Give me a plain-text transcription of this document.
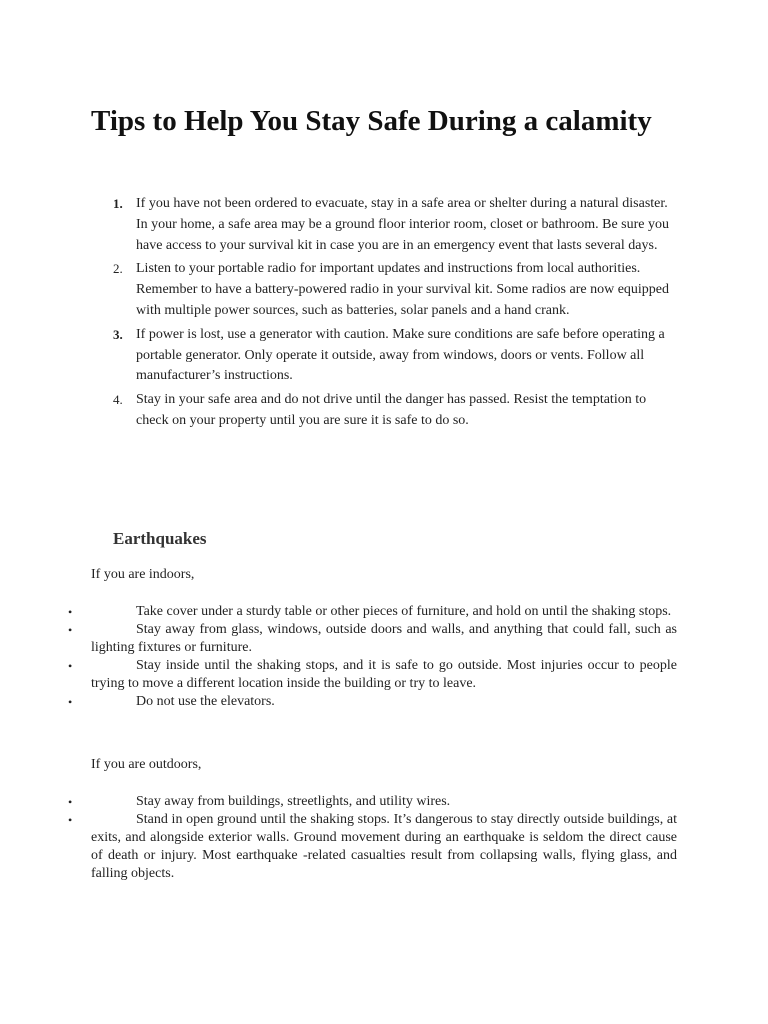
Tips to Help You Stay Safe During a calamity
1. If you have not been ordered to evacuate, stay in a safe area or shelter during a natural disaster. In your home, a safe area may be a ground floor interior room, closet or bathroom. Be sure you have access to your survival kit in case you are in an emergency event that lasts several days.
2. Listen to your portable radio for important updates and instructions from local authorities. Remember to have a battery-powered radio in your survival kit. Some radios are now equipped with multiple power sources, such as batteries, solar panels and a hand crank.
3. If power is lost, use a generator with caution. Make sure conditions are safe before operating a portable generator. Only operate it outside, away from windows, doors or vents. Follow all manufacturer’s instructions.
4. Stay in your safe area and do not drive until the danger has passed. Resist the temptation to check on your property until you are sure it is safe to do so.
Earthquakes

If you are indoors,

•	Take cover under a sturdy table or other pieces of furniture, and hold on until the shaking stops.
•	Stay away from glass, windows, outside doors and walls, and anything that could fall, such as lighting fixtures or furniture.
•	Stay inside until the shaking stops, and it is safe to go outside. Most injuries occur to people trying to move a different location inside the building or try to leave.
•	Do not use the elevators.

If you are outdoors,

•	Stay away from buildings, streetlights, and utility wires.
•	Stand in open ground until the shaking stops. It’s dangerous to stay directly outside buildings, at exits, and alongside exterior walls. Ground movement during an earthquake is seldom the direct cause of death or injury. Most earthquake -related casualties result from collapsing walls, flying glass, and falling objects.
